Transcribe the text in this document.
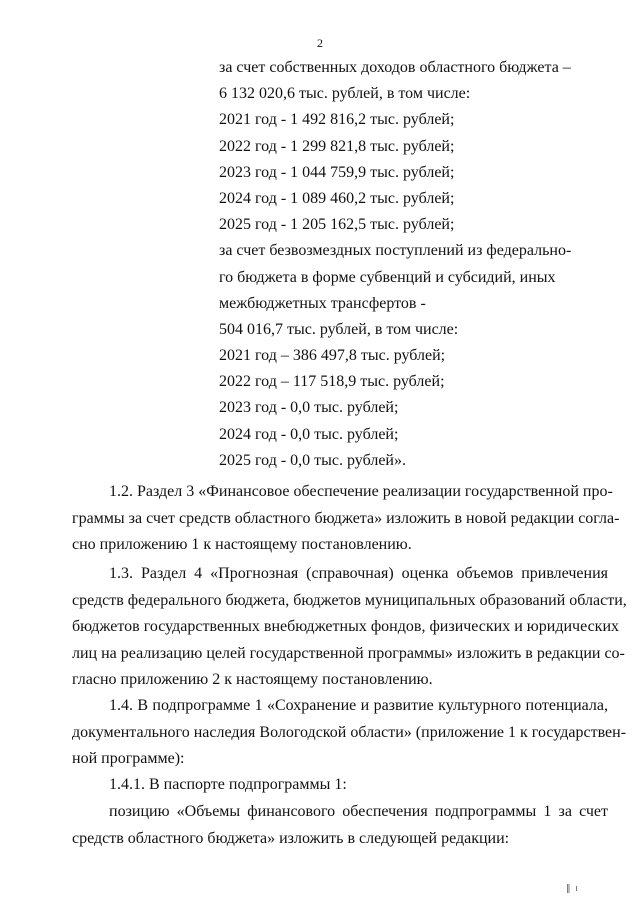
2
за счет собственных доходов областного бюджета –
6 132 020,6 тыс. рублей, в том числе:
2021 год - 1 492 816,2 тыс. рублей;
2022 год - 1 299 821,8 тыс. рублей;
2023 год - 1 044 759,9 тыс. рублей;
2024 год - 1 089 460,2 тыс. рублей;
2025 год - 1 205 162,5 тыс. рублей;
за счет безвозмездных поступлений из федерально-
го бюджета в форме субвенций и субсидий, иных
межбюджетных трансфертов -
504 016,7 тыс. рублей, в том числе:
2021 год – 386 497,8 тыс. рублей;
2022 год – 117 518,9 тыс. рублей;
2023 год - 0,0 тыс. рублей;
2024 год - 0,0 тыс. рублей;
2025 год - 0,0 тыс. рублей».
1.2. Раздел 3 «Финансовое обеспечение реализации государственной про-
граммы за счет средств областного бюджета» изложить в новой редакции согла-
сно приложению 1 к настоящему постановлению.
1.3. Раздел 4 «Прогнозная (справочная) оценка объемов привлечения
средств федерального бюджета, бюджетов муниципальных образований области,
бюджетов государственных внебюджетных фондов, физических и юридических
лиц на реализацию целей государственной программы» изложить в редакции со-
гласно приложению 2 к настоящему постановлению.
1.4. В подпрограмме 1 «Сохранение и развитие культурного потенциала,
документального наследия Вологодской области» (приложение 1 к государствен-
ной программе):
1.4.1. В паспорте подпрограммы 1:
позицию «Объемы финансового обеспечения подпрограммы 1 за счет
средств областного бюджета» изложить в следующей редакции:
‖ ı
